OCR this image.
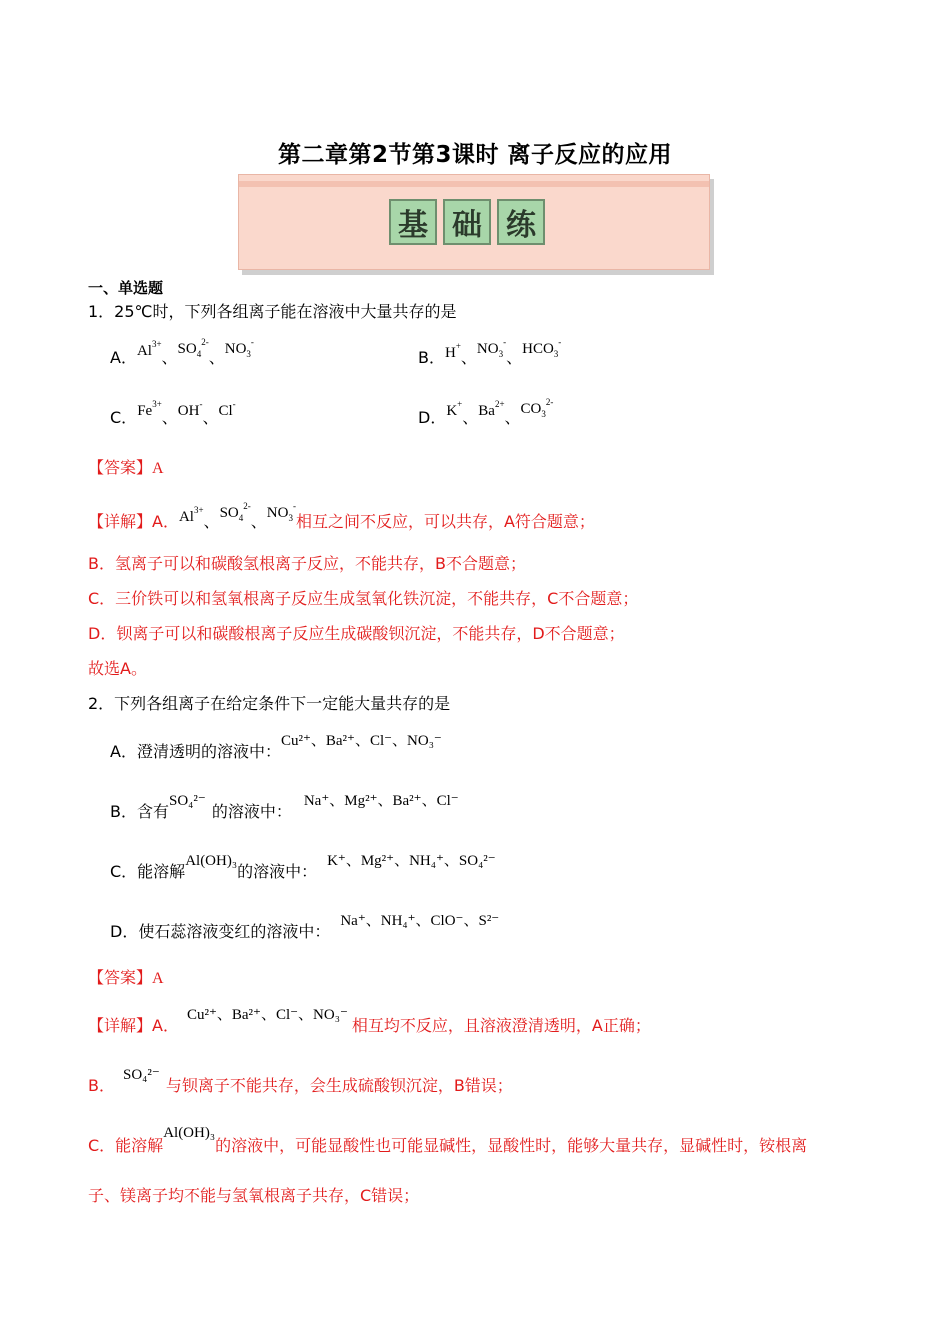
第二章第2节第3课时 离子反应的应用
基 础 练
一、单选题
1．25℃时，下列各组离子能在溶液中大量共存的是
A．$Al^{3+}$、$SO_4^{2-}$、$NO_3^-$
B．H+、$NO_3^-$、$HCO_3^-$
C．$Fe^{3+}$、OH-、Cl-
D．K+、$Ba^{2+}$、$CO_3^{2-}$
【答案】A
【详解】A．$Al^{3+}$、$SO_4^{2-}$、$NO_3^-$相互之间不反应，可以共存，A符合题意；
B．氢离子可以和碳酸氢根离子反应，不能共存，B不合题意；
C．三价铁可以和氢氧根离子反应生成氢氧化铁沉淀，不能共存，C不合题意；
D．钡离子可以和碳酸根离子反应生成碳酸钡沉淀，不能共存，D不合题意；
故选A。
2．下列各组离子在给定条件下一定能大量共存的是
A．澄清透明的溶液中：Cu²⁺、Ba²⁺、Cl⁻、NO₃⁻
B．含有SO₄²⁻的溶液中：Na⁺、Mg²⁺、Ba²⁺、Cl⁻
C．能溶解Al(OH)₃的溶液中：K⁺、Mg²⁺、NH₄⁺、SO₄²⁻
D．使石蕊溶液变红的溶液中：Na⁺、NH₄⁺、ClO⁻、S²⁻
【答案】A
【详解】A．Cu²⁺、Ba²⁺、Cl⁻、NO₃⁻相互均不反应，且溶液澄清透明，A正确；
B．SO₄²⁻与钡离子不能共存，会生成硫酸钡沉淀，B错误；
C．能溶解Al(OH)₃的溶液中，可能显酸性也可能显碱性，显酸性时，能够大量共存，显碱性时，铵根离
子、镁离子均不能与氢氧根离子共存，C错误；
